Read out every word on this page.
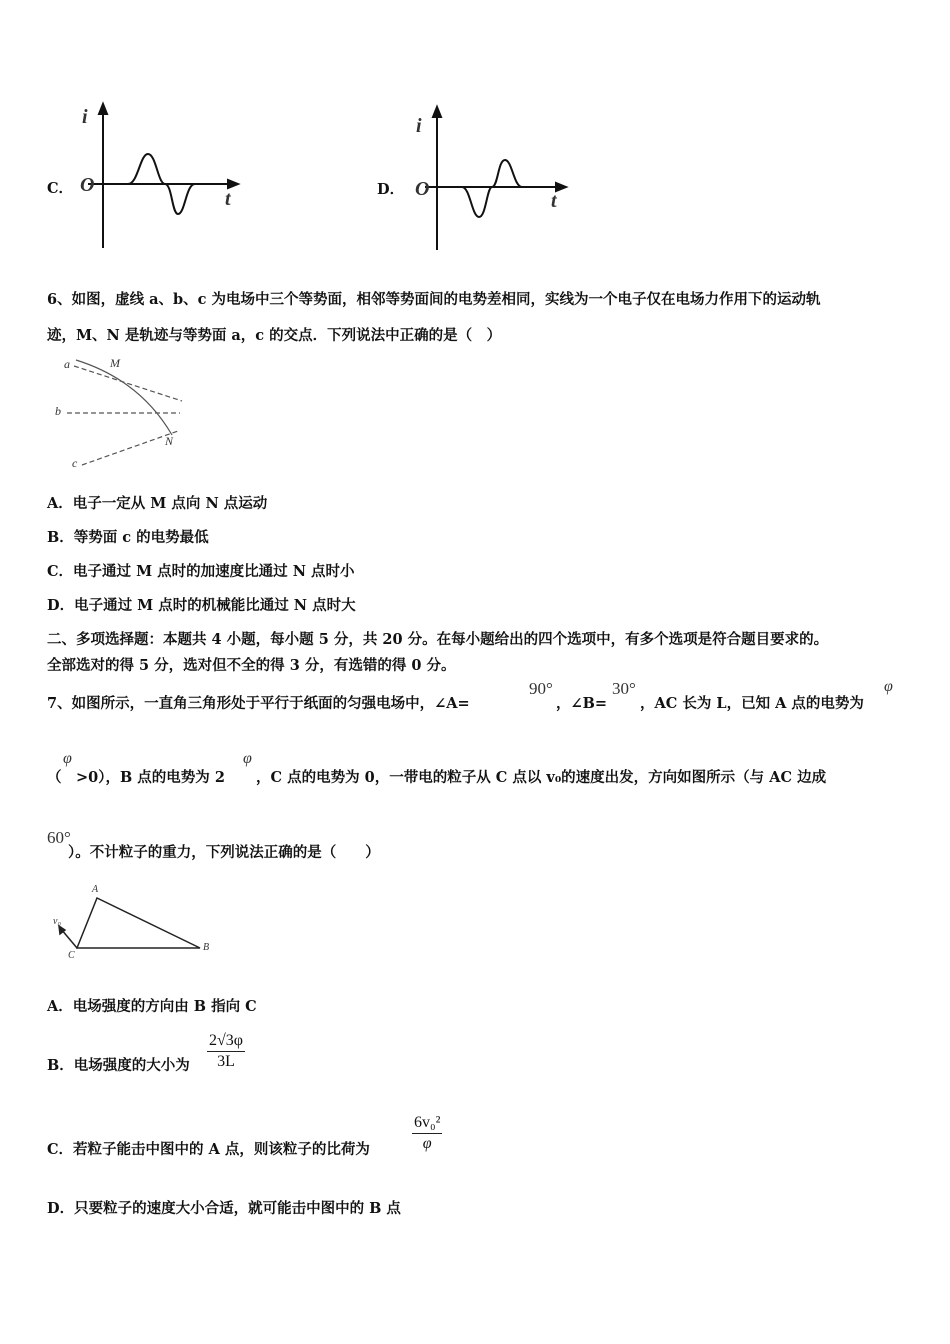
i
C． O
t
i
D． O
t
6、如图，虚线 a、b、c 为电场中三个等势面，相邻等势面间的电势差相同，实线为一个电子仅在电场力作用下的运动轨
迹，M、N 是轨迹与等势面 a，c 的交点．下列说法中正确的是（　）
a	M
b
N
c
A．电子一定从 M 点向 N 点运动
B．等势面 c 的电势最低
C．电子通过 M 点时的加速度比通过 N 点时小
D．电子通过 M 点时的机械能比通过 N 点时大
二、多项选择题：本题共 4 小题，每小题 5 分，共 20 分。在每小题给出的四个选项中，有多个选项是符合题目要求的。
全部选对的得 5 分，选对但不全的得 3 分，有选错的得 0 分。
7、如图所示，一直角三角形处于平行于纸面的匀强电场中，∠A=
90°
，∠B=
30°
，AC 长为 L，已知 A 点的电势为
φ
（
φ
>0），B 点的电势为 2
φ
，C 点的电势为 0，一带电的粒子从 C 点以 v₀的速度出发，方向如图所示（与 AC 边成
60°
）。不计粒子的重力，下列说法正确的是（　　）
A
v₀
C
B
A．电场强度的方向由 B 指向 C
B．电场强度的大小为 $\frac{2√3\varphi}{3L}$
C．若粒子能击中图中的 A 点，则该粒子的比荷为	$\frac{\text{6v₀²}}{\varphi}$
D．只要粒子的速度大小合适，就可能击中图中的 B 点
